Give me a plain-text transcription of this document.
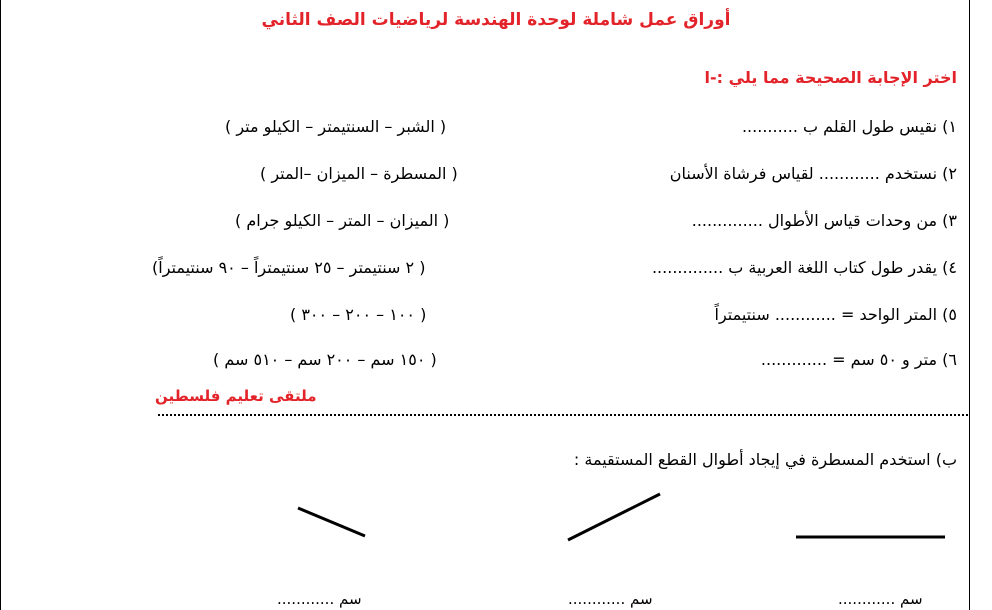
أوراق عمل شاملة لوحدة الهندسة لرياضيات الصف الثاني
اختر الإجابة الصحيحة مما يلي :-ا
١) نقيس طول القلم ب ...........
( الشبر – السنتيمتر – الكيلو متر )
٢) نستخدم ............ لقياس فرشاة الأسنان
( المسطرة – الميزان –المتر )
٣) من وحدات قياس الأطوال ..............
( الميزان – المتر – الكيلو جرام )
٤) يقدر طول كتاب اللغة العربية ب ..............
( ٢ سنتيمتر – ٢٥ سنتيمتراً – ٩٠ سنتيمتراً)
٥) المتر الواحد = ............ سنتيمتراً
( ١٠٠ – ٢٠٠ – ٣٠٠ )
٦) متر و ٥٠ سم = .............
( ١٥٠ سم – ٢٠٠ سم – ٥١٠ سم )
ملتقى تعليم فلسطين
ب) استخدم المسطرة في إيجاد أطوال القطع المستقيمة :
سم ............	سم ............	سم ............
